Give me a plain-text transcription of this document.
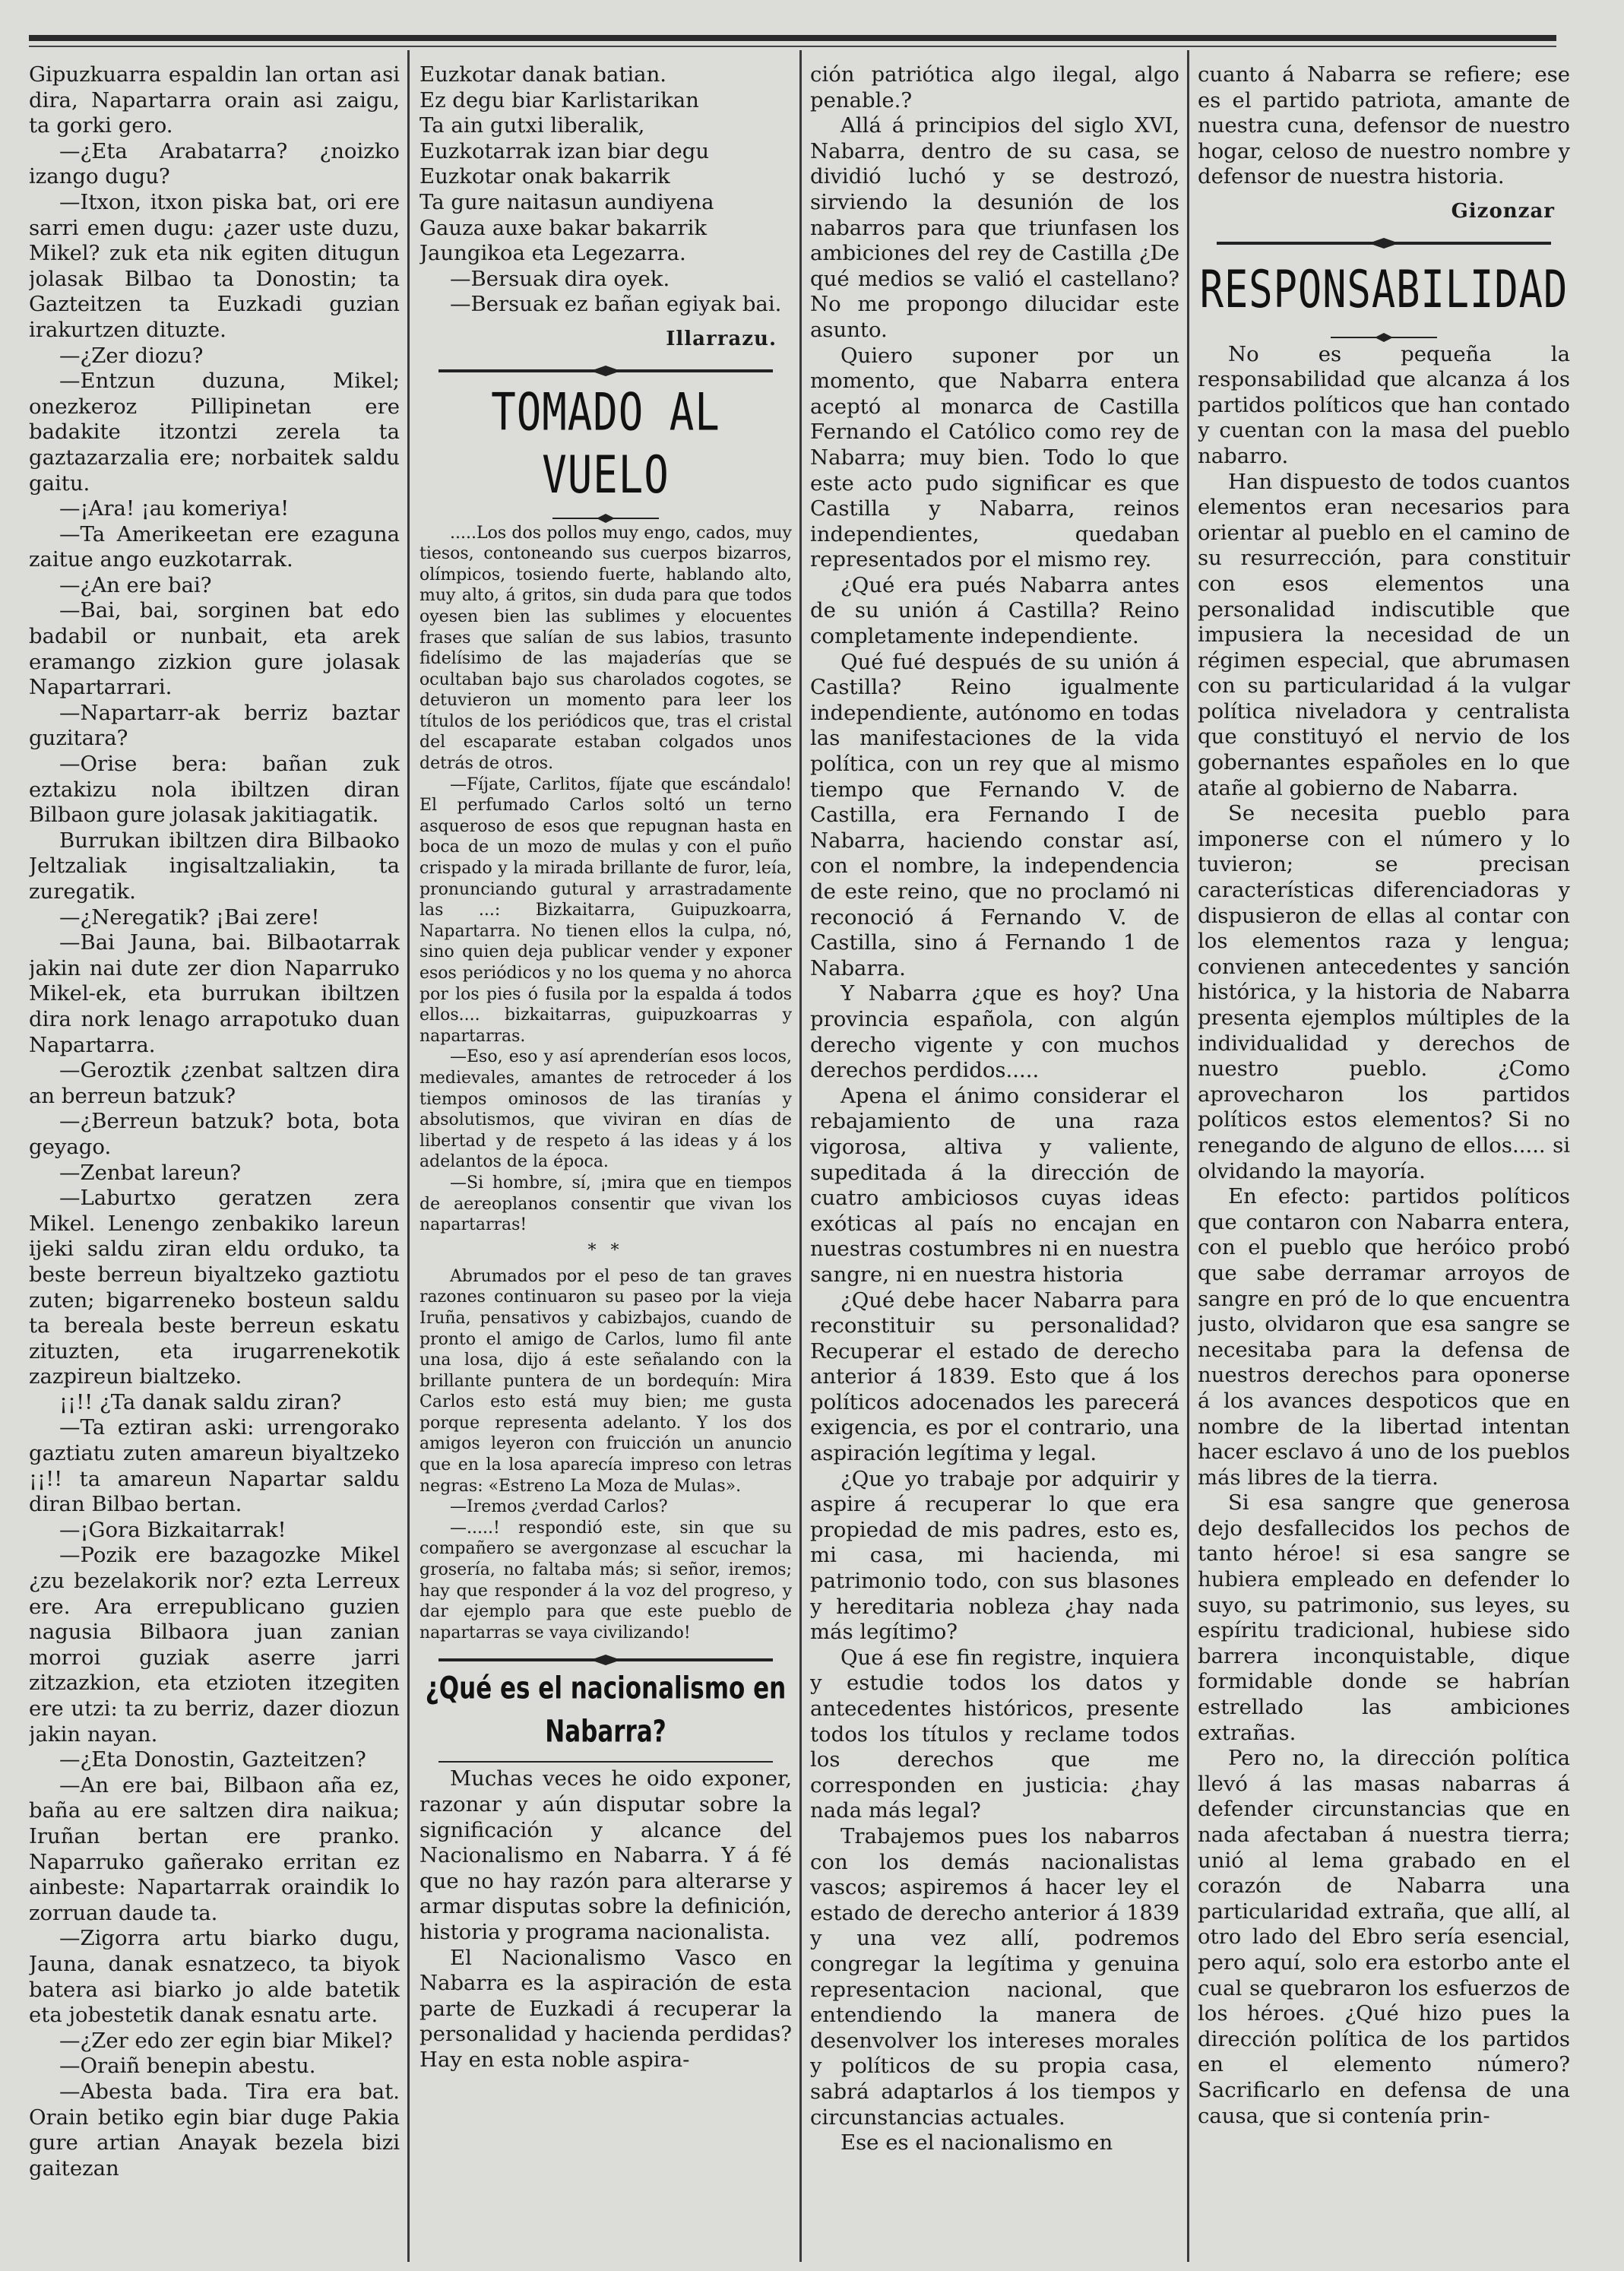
Gipuzkuarra espaldin lan ortan asi dira, Napartarra orain asi zaigu, ta gorki gero.

—¿Eta Arabatarra? ¿noizko izango dugu?

—Itxon, itxon piska bat, ori ere sarri emen dugu: ¿azer uste duzu, Mikel? zuk eta nik egiten ditugun jolasak Bilbao ta Donostin; ta Gazteitzen ta Euzkadi guzian irakurtzen dituzte.

—¿Zer diozu?

—Entzun duzuna, Mikel; onezkeroz Pillipinetan ere badakite itzontzi zerela ta gaztazarzalia ere; norbaitek saldu gaitu.

—¡Ara! ¡au komeriya!

—Ta Amerikeetan ere ezaguna zaitue ango euzkotarrak.

—¿An ere bai?

—Bai, bai, sorginen bat edo badabil or nunbait, eta arek eramango zizkion gure jolasak Napartarrari.

—Napartarr-ak berriz baztar guzitara?

—Orise bera: bañan zuk eztakizu nola ibiltzen diran Bilbaon gure jolasak jakitiagatik.

Burrukan ibiltzen dira Bilbaoko Jeltzaliak ingisaltzaliakin, ta zuregatik.

—¿Neregatik? ¡Bai zere!

—Bai Jauna, bai. Bilbaotarrak jakin nai dute zer dion Naparruko Mikel-ek, eta burrukan ibiltzen dira nork lenago arrapotuko duan Napartarra.

—Geroztik ¿zenbat saltzen dira an berreun batzuk?

—¿Berreun batzuk? bota, bota geyago.

—Zenbat lareun?

—Laburtxo geratzen zera Mikel. Lenengo zenbakiko lareun ijeki saldu ziran eldu orduko, ta beste berreun biyaltzeko gaztiotu zuten; bigarreneko bosteun saldu ta bereala beste berreun eskatu zituzten, eta irugarrenekotik zazpireun bialtzeko.

¡¡!! ¿Ta danak saldu ziran?

—Ta eztiran aski: urrengorako gaztiatu zuten amareun biyaltzeko ¡¡!! ta amareun Napartar saldu diran Bilbao bertan.

—¡Gora Bizkaitarrak!

—Pozik ere bazagozke Mikel ¿zu bezelakorik nor? ezta Lerreux ere. Ara errepublicano guzien nagusia Bilbaora juan zanian morroi guziak aserre jarri zitzazkion, eta etzioten itzegiten ere utzi: ta zu berriz, dazer diozun jakin nayan.

—¿Eta Donostin, Gazteitzen?

—An ere bai, Bilbaon aña ez, baña au ere saltzen dira naikua; Iruñan bertan ere pranko. Naparruko gañerako erritan ez ainbeste: Napartarrak oraindik lo zorruan daude ta.

—Zigorra artu biarko dugu, Jauna, danak esnatzeco, ta biyok batera asi biarko jo alde batetik eta jobestetik danak esnatu arte.

—¿Zer edo zer egin biar Mikel?

—Oraiñ benepin abestu.

—Abesta bada. Tira era bat. Orain betiko egin biar duge Pakia gure artian Anayak bezela bizi gaitezan

Euzkotar danak batian.

Ez degu biar Karlistarikan

Ta ain gutxi liberalik,

Euzkotarrak izan biar degu

Euzkotar onak bakarrik

Ta gure naitasun aundiyena

Gauza auxe bakar bakarrik

Jaungikoa eta Legezarra.

—Bersuak dira oyek.

—Bersuak ez bañan egiyak bai.

Illarrazu.
TOMADO AL VUELO

.....Los dos pollos muy engo, cados, muy tiesos, contoneando sus cuerpos bizarros, olímpicos, tosiendo fuerte, hablando alto, muy alto, á gritos, sin duda para que todos oyesen bien las sublimes y elocuentes frases que salían de sus labios, trasunto fidelísimo de las majaderías que se ocultaban bajo sus charolados cogotes, se detuvieron un momento para leer los títulos de los periódicos que, tras el cristal del escaparate estaban colgados unos detrás de otros.

—Fíjate, Carlitos, fíjate que escándalo! El perfumado Carlos soltó un terno asqueroso de esos que repugnan hasta en boca de un mozo de mulas y con el puño crispado y la mirada brillante de furor, leía, pronunciando gutural y arrastradamente las ...: Bizkaitarra, Guipuzkoarra, Napartarra. No tienen ellos la culpa, nó, sino quien deja publicar vender y exponer esos periódicos y no los quema y no ahorca por los pies ó fusila por la espalda á todos ellos.... bizkaitarras, guipuzkoarras y napartarras.

—Eso, eso y así aprenderían esos locos, medievales, amantes de retroceder á los tiempos ominosos de las tiranías y absolutismos, que viviran en días de libertad y de respeto á las ideas y á los adelantos de la época.

—Si hombre, sí, ¡mira que en tiempos de aereoplanos consentir que vivan los napartarras!

* *

Abrumados por el peso de tan graves razones continuaron su paseo por la vieja Iruña, pensativos y cabizbajos, cuando de pronto el amigo de Carlos, lumo fil ante una losa, dijo á este señalando con la brillante puntera de un bordequín: Mira Carlos esto está muy bien; me gusta porque representa adelanto. Y los dos amigos leyeron con fruicción un anuncio que en la losa aparecía impreso con letras negras: «Estreno La Moza de Mulas».

—Iremos ¿verdad Carlos?

—.....! respondió este, sin que su compañero se avergonzase al escuchar la grosería, no faltaba más; si señor, iremos; hay que responder á la voz del progreso, y dar ejemplo para que este pueblo de napartarras se vaya civilizando!

¿Qué es el nacionalismo en Nabarra?

Muchas veces he oido exponer, razonar y aún disputar sobre la significación y alcance del Nacionalismo en Nabarra. Y á fé que no hay razón para alterarse y armar disputas sobre la definición, historia y programa nacionalista.

El Nacionalismo Vasco en Nabarra es la aspiración de esta parte de Euzkadi á recuperar la personalidad y hacienda perdidas? Hay en esta noble aspira-

ción patriótica algo ilegal, algo penable.?

Allá á principios del siglo XVI, Nabarra, dentro de su casa, se dividió luchó y se destrozó, sirviendo la desunión de los nabarros para que triunfasen los ambiciones del rey de Castilla ¿De qué medios se valió el castellano? No me propongo dilucidar este asunto.

Quiero suponer por un momento, que Nabarra entera aceptó al monarca de Castilla Fernando el Católico como rey de Nabarra; muy bien. Todo lo que este acto pudo significar es que Castilla y Nabarra, reinos independientes, quedaban representados por el mismo rey.

¿Qué era pués Nabarra antes de su unión á Castilla? Reino completamente independiente.

Qué fué después de su unión á Castilla? Reino igualmente independiente, autónomo en todas las manifestaciones de la vida política, con un rey que al mismo tiempo que Fernando V. de Castilla, era Fernando I de Nabarra, haciendo constar así, con el nombre, la independencia de este reino, que no proclamó ni reconoció á Fernando V. de Castilla, sino á Fernando 1 de Nabarra.

Y Nabarra ¿que es hoy? Una provincia española, con algún derecho vigente y con muchos derechos perdidos.....

Apena el ánimo considerar el rebajamiento de una raza vigorosa, altiva y valiente, supeditada á la dirección de cuatro ambiciosos cuyas ideas exóticas al país no encajan en nuestras costumbres ni en nuestra sangre, ni en nuestra historia

¿Qué debe hacer Nabarra para reconstituir su personalidad? Recuperar el estado de derecho anterior á 1839. Esto que á los políticos adocenados les parecerá exigencia, es por el contrario, una aspiración legítima y legal.

¿Que yo trabaje por adquirir y aspire á recuperar lo que era propiedad de mis padres, esto es, mi casa, mi hacienda, mi patrimonio todo, con sus blasones y hereditaria nobleza ¿hay nada más legítimo?

Que á ese fin registre, inquiera y estudie todos los datos y antecedentes históricos, presente todos los títulos y reclame todos los derechos que me corresponden en justicia: ¿hay nada más legal?

Trabajemos pues los nabarros con los demás nacionalistas vascos; aspiremos á hacer ley el estado de derecho anterior á 1839 y una vez allí, podremos congregar la legítima y genuina representacion nacional, que entendiendo la manera de desenvolver los intereses morales y políticos de su propia casa, sabrá adaptarlos á los tiempos y circunstancias actuales.

Ese es el nacionalismo en

cuanto á Nabarra se refiere; ese es el partido patriota, amante de nuestra cuna, defensor de nuestro hogar, celoso de nuestro nombre y defensor de nuestra historia.

Gizonzar
RESPONSABILIDAD

No es pequeña la responsabilidad que alcanza á los partidos políticos que han contado y cuentan con la masa del pueblo nabarro.

Han dispuesto de todos cuantos elementos eran necesarios para orientar al pueblo en el camino de su resurrección, para constituir con esos elementos una personalidad indiscutible que impusiera la necesidad de un régimen especial, que abrumasen con su particularidad á la vulgar política niveladora y centralista que constituyó el nervio de los gobernantes españoles en lo que atañe al gobierno de Nabarra.

Se necesita pueblo para imponerse con el número y lo tuvieron; se precisan características diferenciadoras y dispusieron de ellas al contar con los elementos raza y lengua; convienen antecedentes y sanción histórica, y la historia de Nabarra presenta ejemplos múltiples de la individualidad y derechos de nuestro pueblo. ¿Como aprovecharon los partidos políticos estos elementos? Si no renegando de alguno de ellos..... si olvidando la mayoría.

En efecto: partidos políticos que contaron con Nabarra entera, con el pueblo que heróico probó que sabe derramar arroyos de sangre en pró de lo que encuentra justo, olvidaron que esa sangre se necesitaba para la defensa de nuestros derechos para oponerse á los avances despoticos que en nombre de la libertad intentan hacer esclavo á uno de los pueblos más libres de la tierra.

Si esa sangre que generosa dejo desfallecidos los pechos de tanto héroe! si esa sangre se hubiera empleado en defender lo suyo, su patrimonio, sus leyes, su espíritu tradicional, hubiese sido barrera inconquistable, dique formidable donde se habrían estrellado las ambiciones extrañas.

Pero no, la dirección política llevó á las masas nabarras á defender circunstancias que en nada afectaban á nuestra tierra; unió al lema grabado en el corazón de Nabarra una particularidad extraña, que allí, al otro lado del Ebro sería esencial, pero aquí, solo era estorbo ante el cual se quebraron los esfuerzos de los héroes. ¿Qué hizo pues la dirección política de los partidos en el elemento número? Sacrificarlo en defensa de una causa, que si contenía prin-
